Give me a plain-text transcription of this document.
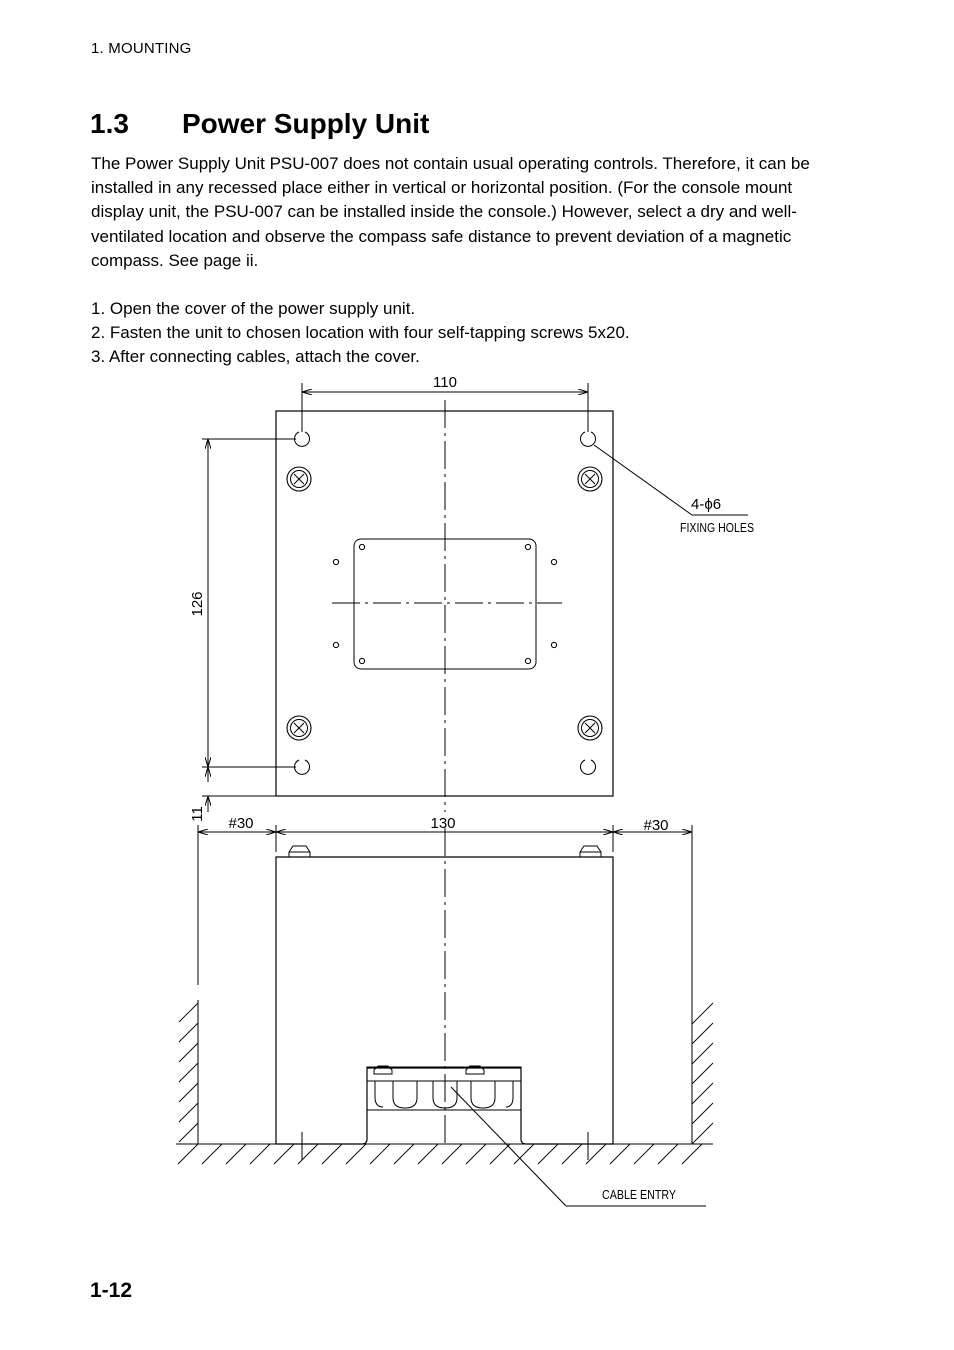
1. MOUNTING
1.3 Power Supply Unit

The Power Supply Unit PSU-007 does not contain usual operating controls. Therefore, it can be installed in any recessed place either in vertical or horizontal position. (For the console mount display unit, the PSU-007 can be installed inside the console.) However, select a dry and well-ventilated location and observe the compass safe distance to prevent deviation of a magnetic compass. See page ii.

1. Open the cover of the power supply unit.
2. Fasten the unit to chosen location with four self-tapping screws 5x20.
3. After connecting cables, attach the cover.
110
126
11
4-ϕ6
FIXING HOLES
#30	130	#30
CABLE ENTRY
1-12
